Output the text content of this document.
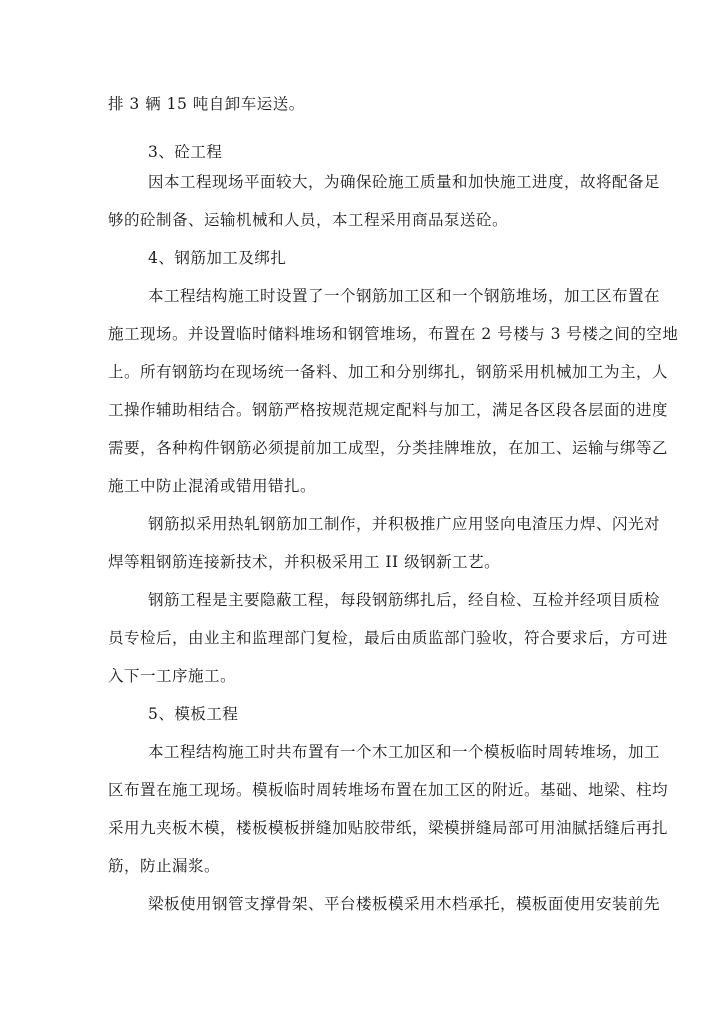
排 3 辆 15 吨自卸车运送。
3、砼工程
因本工程现场平面较大，为确保砼施工质量和加快施工进度，故将配备足
够的砼制备、运输机械和人员，本工程采用商品泵送砼。
4、钢筋加工及绑扎
本工程结构施工时设置了一个钢筋加工区和一个钢筋堆场，加工区布置在
施工现场。并设置临时储料堆场和钢管堆场，布置在 2 号楼与 3 号楼之间的空地
上。所有钢筋均在现场统一备料、加工和分别绑扎，钢筋采用机械加工为主，人
工操作辅助相结合。钢筋严格按规范规定配料与加工，满足各区段各层面的进度
需要，各种构件钢筋必须提前加工成型，分类挂牌堆放，在加工、运输与绑等乙
施工中防止混淆或错用错扎。
钢筋拟采用热轧钢筋加工制作，并积极推广应用竖向电渣压力焊、闪光对
焊等粗钢筋连接新技术，并积极采用工 II 级钢新工艺。
钢筋工程是主要隐蔽工程，每段钢筋绑扎后，经自检、互检并经项目质检
员专检后，由业主和监理部门复检，最后由质监部门验收，符合要求后，方可进
入下一工序施工。
5、模板工程
本工程结构施工时共布置有一个木工加区和一个模板临时周转堆场，加工
区布置在施工现场。模板临时周转堆场布置在加工区的附近。基础、地梁、柱均
采用九夹板木模，楼板模板拼缝加贴胶带纸，梁模拼缝局部可用油腻括缝后再扎
筋，防止漏浆。
梁板使用钢管支撑骨架、平台楼板模采用木档承托，模板面使用安装前先
